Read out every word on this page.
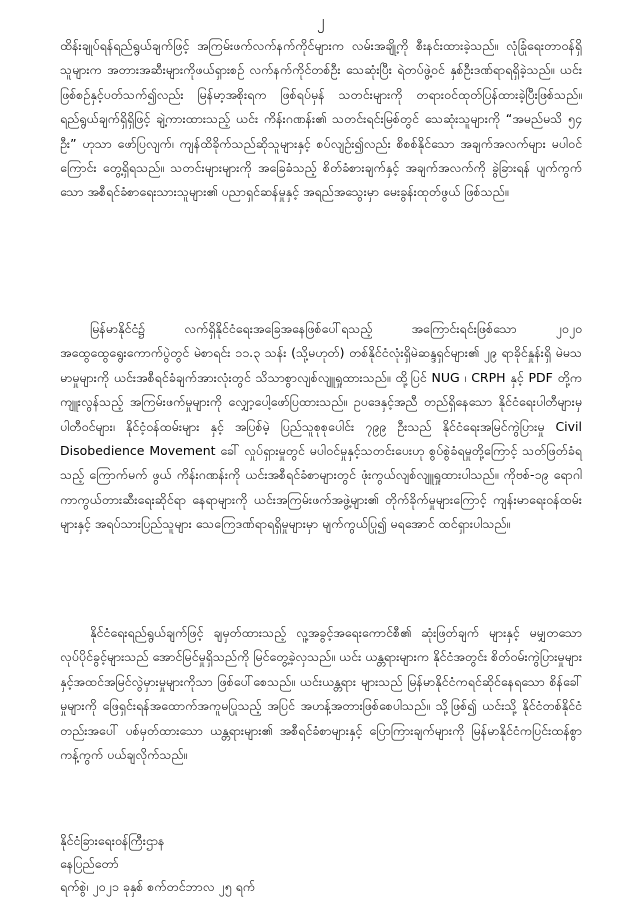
၂

ထိန်းချုပ်ရန်ရည်ရွယ်ချက်ဖြင့် အကြမ်းဖက်လက်နက်ကိုင်များက လမ်းအချို့ကို စီးနင်းထားခဲ့သည်။ လုံခြုံရေးတာဝန်ရှိသူများက အတားအဆီးများကိုဖယ်ရှားစဉ် လက်နက်ကိုင်တစ်ဦး သေဆုံးပြီး ရဲတပ်ဖွဲ့ဝင် နှစ်ဦးဒဏ်ရာရရှိခဲ့သည်။ ယင်းဖြစ်စဉ်နှင့်ပတ်သက်၍လည်း မြန်မာ့အစိုးရက ဖြစ်ရပ်မှန် သတင်းများကို တရားဝင်ထုတ်ပြန်ထားခဲ့ပြီးဖြစ်သည်။ ရည်ရွယ်ချက်ရှိရှိဖြင့် ချဲ့ကားထားသည့် ယင်း ကိန်းဂဏန်း၏ သတင်းရင်းမြစ်တွင် သေဆုံးသူများကို “အမည်မသိ ၅၄ ဦး” ဟုသာ ဖော်ပြလျက်၊ ကျန်ထိခိုက်သည်ဆိုသူများနှင့် စပ်လျဉ်း၍လည်း စိစစ်နိုင်သော အချက်အလက်များ မပါဝင်ကြောင်း တွေ့ရှိရသည်။ သတင်းများများကို အခြေခံသည့် စိတ်ခံစားချက်နှင့် အချက်အလက်ကို ခွဲခြားရန် ပျက်ကွက်သော အစီရင်ခံစာရေးသားသူများ၏ ပညာရှင်ဆန်မှုနှင့် အရည်အသွေးမှာ မေးခွန်းထုတ်ဖွယ် ဖြစ်သည်။

မြန်မာနိုင်ငံ၌ လက်ရှိနိုင်ငံရေးအခြေအနေဖြစ်ပေါ်ရသည့် အကြောင်းရင်းဖြစ်သော ၂၀၂၀ အထွေထွေရွေးကောက်ပွဲတွင် မဲစာရင်း ၁၁.၃ သန်း (သို့မဟုတ်) တစ်နိုင်ငံလုံးရှိမဲဆန္ဒရှင်များ၏ ၂၉ ရာခိုင်နှုန်းရှိ မဲမသမာမှုများကို ယင်းအစီရင်ခံချက်အားလုံးတွင် သိသာစွာလျစ်လျူရှုထားသည်။ ထို့ပြင် NUG ၊ CRPH နှင့် PDF တို့ကကျူးလွန်သည့် အကြမ်းဖက်မှုများကို လျှော့ပေါ့ဖော်ပြထားသည်။ ဥပဒေနှင့်အညီ တည်ရှိနေသော နိုင်ငံရေးပါတီများမှ ပါတီဝင်များ၊ နိုင်ငံ့ဝန်ထမ်းများ နှင့် အပြစ်မဲ့ ပြည်သူစုစုပေါင်း ၇၉၉ ဦးသည် နိုင်ငံရေးအမြင်ကွဲပြားမှု Civil Disobedience Movement ခေါ် လှုပ်ရှားမှုတွင် မပါဝင်မှုနှင့်သတင်းပေးဟု စွပ်စွဲခံရမှုတို့ကြောင့် သတ်ဖြတ်ခံရသည့် ကြောက်မက် ဖွယ် ကိန်းဂဏန်းကို ယင်းအစီရင်ခံစာများတွင် ဖုံးကွယ်လျစ်လျူရှုထားပါသည်။ ကိုဗစ်-၁၉ ရောဂါ ကာကွယ်တားဆီးရေးဆိုင်ရာ နေရာများကို ယင်းအကြမ်းဖက်အဖွဲ့များ၏ တိုက်ခိုက်မှုများကြောင့် ကျန်းမာရေးဝန်ထမ်းများနှင့် အရပ်သားပြည်သူများ သေကြေဒဏ်ရာရရှိမှုများမှာ မျက်ကွယ်ပြု၍ မရအောင် ထင်ရှားပါသည်။

နိုင်ငံရေးရည်ရွယ်ချက်ဖြင့် ချမှတ်ထားသည့် လူ့အခွင့်အရေးကောင်စီ၏ ဆုံးဖြတ်ချက် များနှင့် မမျှတသော လုပ်ပိုင်ခွင့်များသည် အောင်မြင်မှုရှိသည်ကို မြင်တွေ့ခဲ့လှသည်။ ယင်း ယန္တရားများက နိုင်ငံအတွင်း စိတ်ဝမ်းကွဲပြားမှုများနှင့်အထင်အမြင်လွဲမှားမှုများကိုသာ ဖြစ်ပေါ်စေသည်။ ယင်းယန္တရား များသည် မြန်မာနိုင်ငံကရင်ဆိုင်နေရသော စိန်ခေါ်မှုများကို ဖြေရှင်းရန်အထောက်အကူမပြုသည့် အပြင် အဟန့်အတားဖြစ်စေပါသည်။ သို့ဖြစ်၍ ယင်းသို့ နိုင်ငံတစ်နိုင်ငံ တည်းအပေါ် ပစ်မှတ်ထားသော ယန္တရားများ၏ အစီရင်ခံစာများနှင့် ပြောကြားချက်များကို မြန်မာနိုင်ငံကပြင်းထန်စွာ ကန့်ကွက် ပယ်ချလိုက်သည်။

နိုင်ငံခြားရေးဝန်ကြီးဌာန
နေပြည်တော်
ရက်စွဲ၊ ၂၀၂၁ ခုနှစ် စက်တင်ဘာလ ၂၅ ရက်
